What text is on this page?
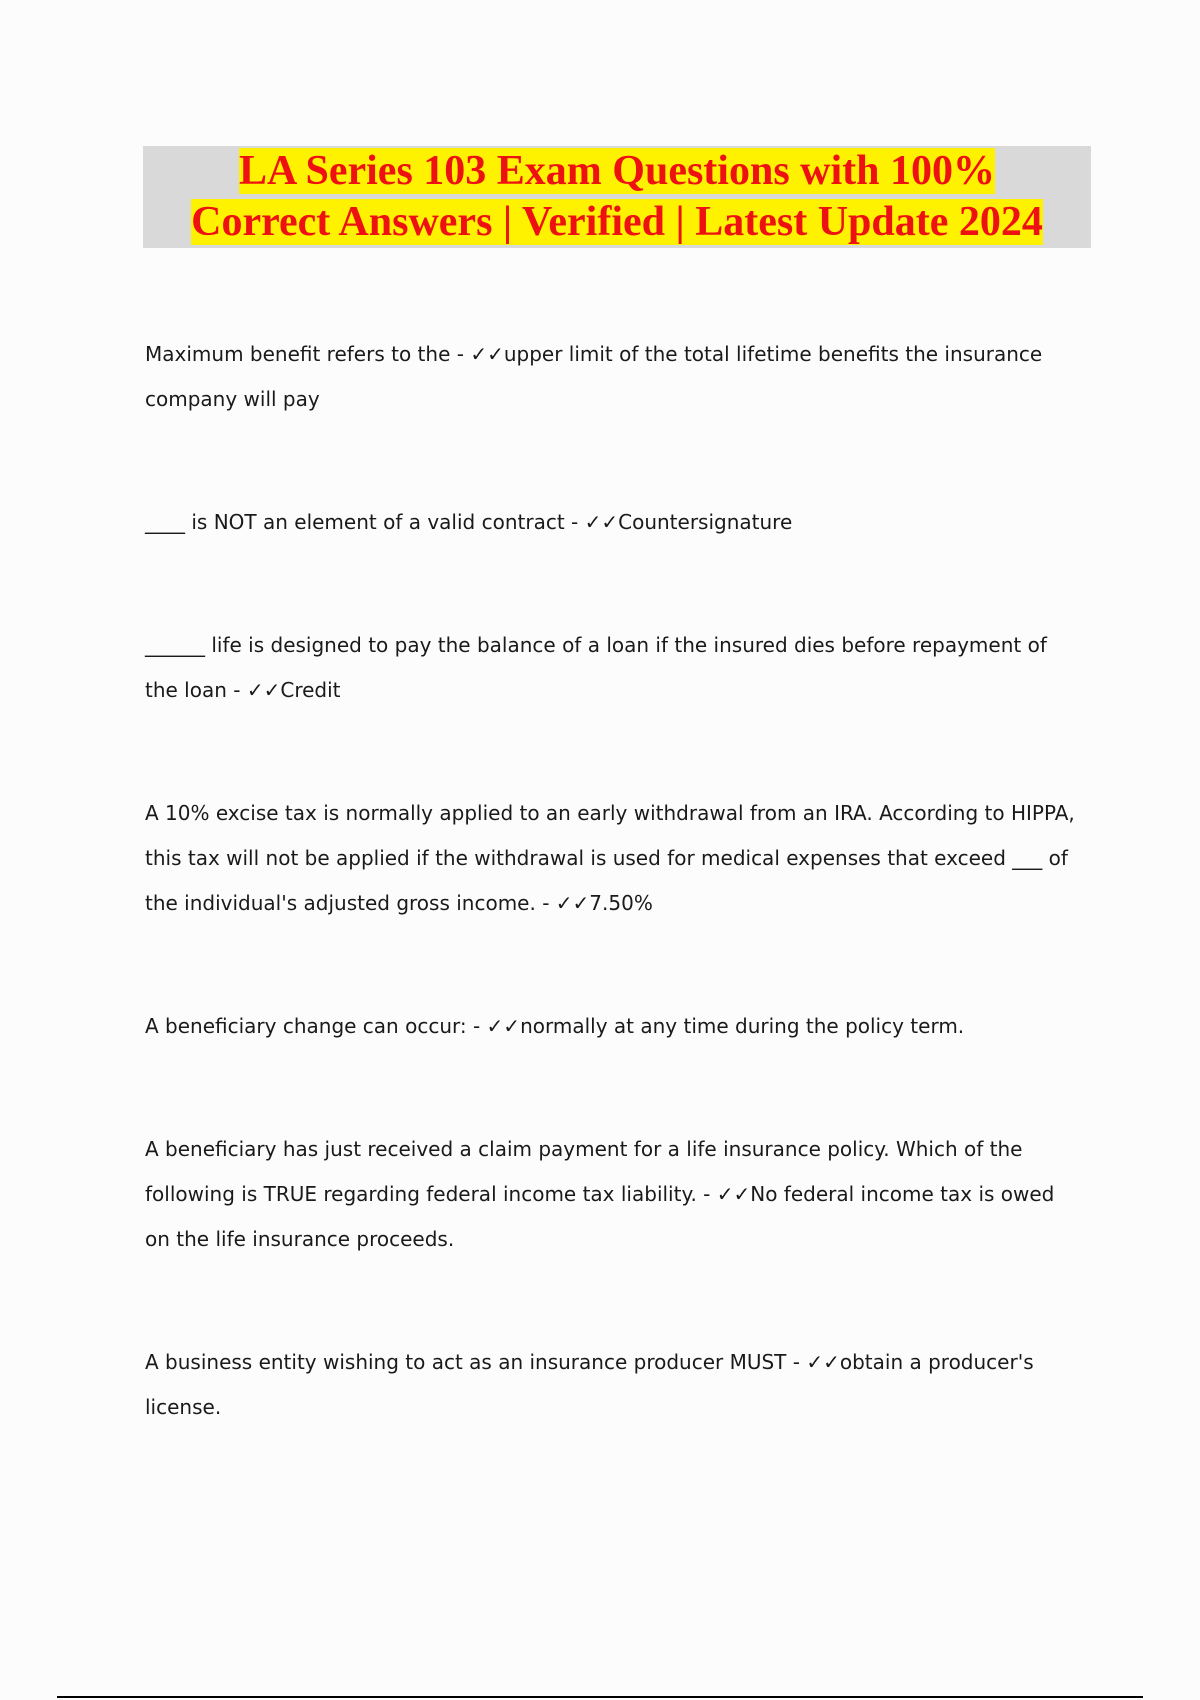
LA Series 103 Exam Questions with 100%
Correct Answers | Verified | Latest Update 2024
Maximum benefit refers to the - ✓✓upper limit of the total lifetime benefits the insurance company will pay
____ is NOT an element of a valid contract - ✓✓Countersignature
______ life is designed to pay the balance of a loan if the insured dies before repayment of the loan - ✓✓Credit
A 10% excise tax is normally applied to an early withdrawal from an IRA. According to HIPPA, this tax will not be applied if the withdrawal is used for medical expenses that exceed ___ of the individual's adjusted gross income. - ✓✓7.50%
A beneficiary change can occur: - ✓✓normally at any time during the policy term.
A beneficiary has just received a claim payment for a life insurance policy. Which of the following is TRUE regarding federal income tax liability. - ✓✓No federal income tax is owed on the life insurance proceeds.
A business entity wishing to act as an insurance producer MUST - ✓✓obtain a producer's license.
